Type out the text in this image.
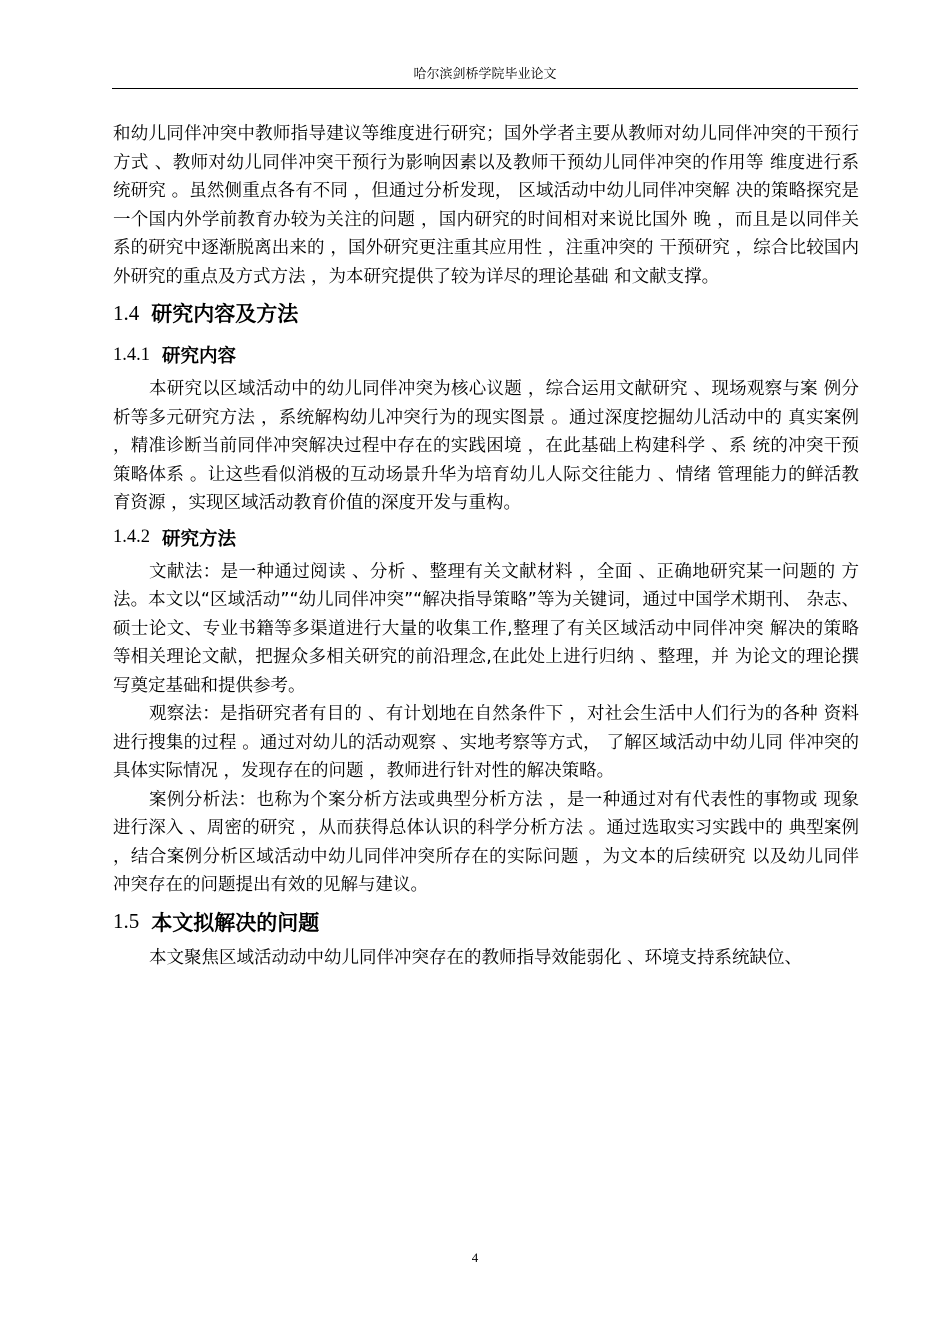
哈尔滨剑桥学院毕业论文

和幼儿同伴冲突中教师指导建议等维度进行研究；国外学者主要从教师对幼儿同伴冲突的干预行方式 、教师对幼儿同伴冲突干预行为影响因素以及教师干预幼儿同伴冲突的作用等 维度进行系统研究 。虽然侧重点各有不同 ，但通过分析发现， 区域活动中幼儿同伴冲突解 决的策略探究是一个国内外学前教育办较为关注的问题 ，国内研究的时间相对来说比国外 晚 ，而且是以同伴关系的研究中逐渐脱离出来的 ，国外研究更注重其应用性 ，注重冲突的 干预研究 ，综合比较国内外研究的重点及方式方法 ，为本研究提供了较为详尽的理论基础 和文献支撑。

1.4 研究内容及方法
1.4.1 研究内容

本研究以区域活动中的幼儿同伴冲突为核心议题 ，综合运用文献研究 、现场观察与案 例分析等多元研究方法 ，系统解构幼儿冲突行为的现实图景 。通过深度挖掘幼儿活动中的 真实案例 ，精准诊断当前同伴冲突解决过程中存在的实践困境 ，在此基础上构建科学 、系 统的冲突干预策略体系 。让这些看似消极的互动场景升华为培育幼儿人际交往能力 、情绪 管理能力的鲜活教育资源 ，实现区域活动教育价值的深度开发与重构。

1.4.2 研究方法

文献法：是一种通过阅读 、分析 、整理有关文献材料 ，全面 、正确地研究某一问题的 方法。本文以“区域活动”“幼儿同伴冲突”“解决指导策略”等为关键词，通过中国学术期刊、 杂志、硕士论文、专业书籍等多渠道进行大量的收集工作,整理了有关区域活动中同伴冲突 解决的策略等相关理论文献，把握众多相关研究的前沿理念,在此处上进行归纳 、整理，并 为论文的理论撰写奠定基础和提供参考。

观察法：是指研究者有目的 、有计划地在自然条件下 ，对社会生活中人们行为的各种 资料进行搜集的过程 。通过对幼儿的活动观察 、实地考察等方式， 了解区域活动中幼儿同 伴冲突的具体实际情况 ，发现存在的问题 ，教师进行针对性的解决策略。

案例分析法：也称为个案分析方法或典型分析方法 ，是一种通过对有代表性的事物或 现象进行深入 、周密的研究 ，从而获得总体认识的科学分析方法 。通过选取实习实践中的 典型案例 ，结合案例分析区域活动中幼儿同伴冲突所存在的实际问题 ，为文本的后续研究 以及幼儿同伴冲突存在的问题提出有效的见解与建议。

1.5 本文拟解决的问题

本文聚焦区域活动动中幼儿同伴冲突存在的教师指导效能弱化 、环境支持系统缺位、

4
